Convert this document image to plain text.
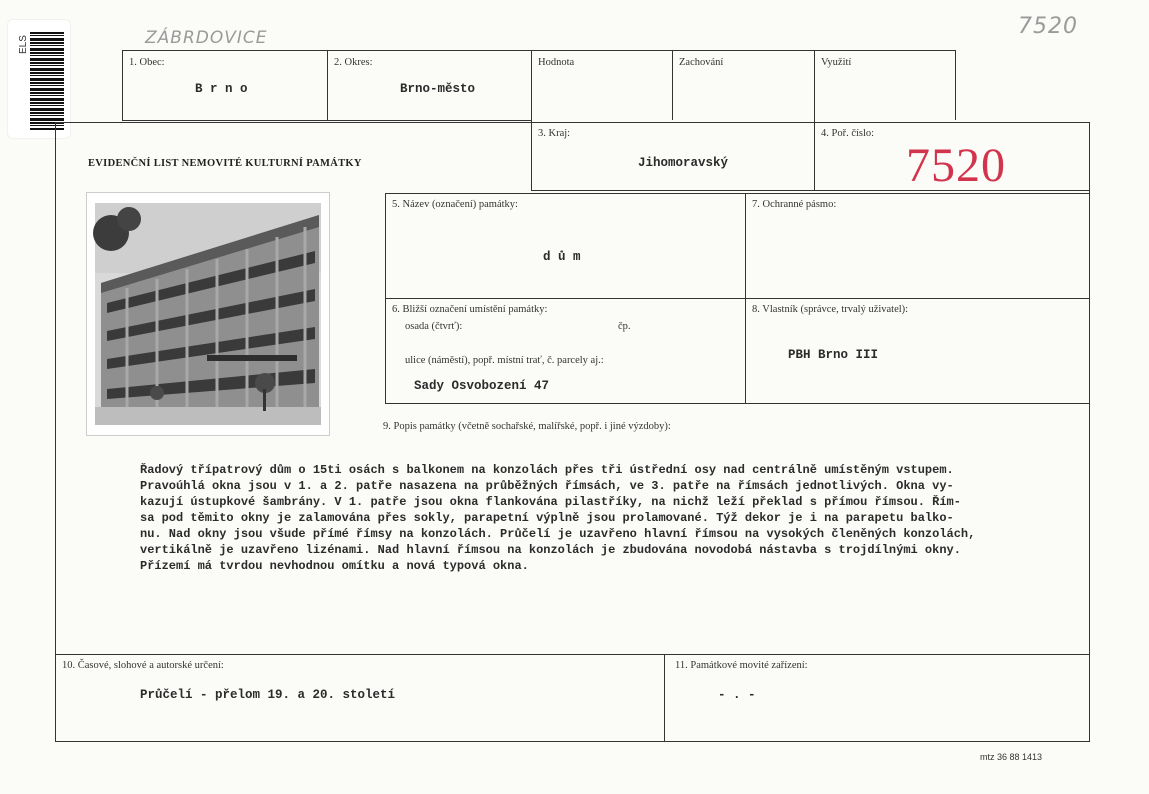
ELS	ZÁBRDOVICE	7520
1. Obec:
B r n o
2. Okres:
Brno-město
Hodnota	Zachování	Využití
EVIDENČNÍ LIST NEMOVITÉ KULTURNÍ PAMÁTKY
3. Kraj:
Jihomoravský
4. Poř. číslo:
7520
5. Název (označení) památky:
d ů m
7. Ochranné pásmo:
6. Bližší označení umístění památky:
osada (čtvrť):	čp.
ulice (náměstí), popř. místní trať, č. parcely aj.:
Sady Osvobození 47
8. Vlastník (správce, trvalý uživatel):
PBH Brno III
9. Popis památky (včetně sochařské, malířské, popř. i jiné výzdoby):
Řadový třípatrový dům o 15ti osách s balkonem na konzolách přes tři ústřední osy nad centrálně umístěným vstupem.
Pravoúhlá okna jsou v 1. a 2. patře nasazena na průběžných římsách, ve 3. patře na římsách jednotlivých. Okna vy-
kazují ústupkové šambrány. V 1. patře jsou okna flankována pilastříky, na nichž leží překlad s přímou římsou. Řím-
sa pod těmito okny je zalamována přes sokly, parapetní výplně jsou prolamované. Týž dekor je i na parapetu balko-
nu. Nad okny jsou všude přímé římsy na konzolách. Průčelí je uzavřeno hlavní římsou na vysokých členěných konzolách,
vertikálně je uzavřeno lizénami. Nad hlavní římsou na konzolách je zbudována novodobá nástavba s trojdílnými okny.
Přízemí má tvrdou nevhodnou omítku a nová typová okna.
10. Časové, slohové a autorské určení:
Průčelí - přelom 19. a 20. století
11. Památkové movité zařízení:
- . -
mtz 36 88 1413
